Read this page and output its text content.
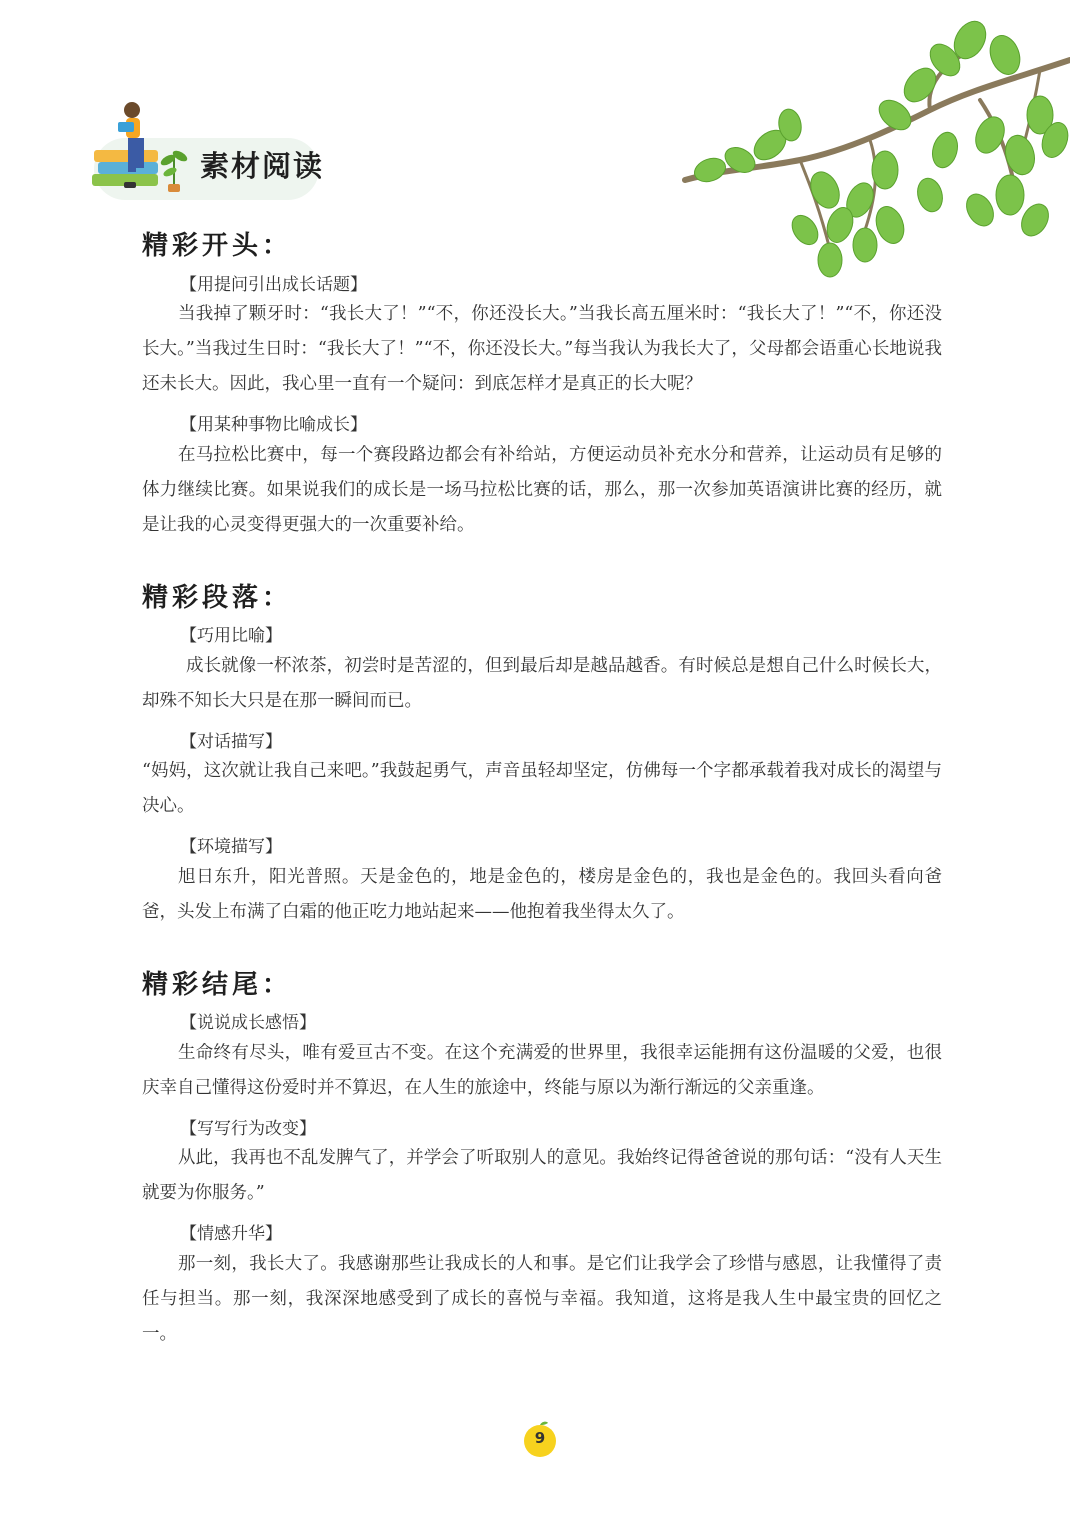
素材阅读
精彩开头：
【用提问引出成长话题】
当我掉了颗牙时：“我长大了！”“不，你还没长大。”当我长高五厘米时：“我长大了！”“不，你还没长大。”当我过生日时：“我长大了！”“不，你还没长大。”每当我认为我长大了，父母都会语重心长地说我还未长大。因此，我心里一直有一个疑问：到底怎样才是真正的长大呢？
【用某种事物比喻成长】
在马拉松比赛中，每一个赛段路边都会有补给站，方便运动员补充水分和营养，让运动员有足够的体力继续比赛。如果说我们的成长是一场马拉松比赛的话，那么，那一次参加英语演讲比赛的经历，就是让我的心灵变得更强大的一次重要补给。
精彩段落：
【巧用比喻】
成长就像一杯浓茶，初尝时是苦涩的，但到最后却是越品越香。有时候总是想自己什么时候长大，却殊不知长大只是在那一瞬间而已。
【对话描写】
“妈妈，这次就让我自己来吧。”我鼓起勇气，声音虽轻却坚定，仿佛每一个字都承载着我对成长的渴望与决心。
【环境描写】
旭日东升，阳光普照。天是金色的，地是金色的，楼房是金色的，我也是金色的。我回头看向爸爸，头发上布满了白霜的他正吃力地站起来——他抱着我坐得太久了。
精彩结尾：
【说说成长感悟】
生命终有尽头，唯有爱亘古不变。在这个充满爱的世界里，我很幸运能拥有这份温暖的父爱，也很庆幸自己懂得这份爱时并不算迟，在人生的旅途中，终能与原以为渐行渐远的父亲重逢。
【写写行为改变】
从此，我再也不乱发脾气了，并学会了听取别人的意见。我始终记得爸爸说的那句话：“没有人天生就要为你服务。”
【情感升华】
那一刻，我长大了。我感谢那些让我成长的人和事。是它们让我学会了珍惜与感恩，让我懂得了责任与担当。那一刻，我深深地感受到了成长的喜悦与幸福。我知道，这将是我人生中最宝贵的回忆之一。
9
